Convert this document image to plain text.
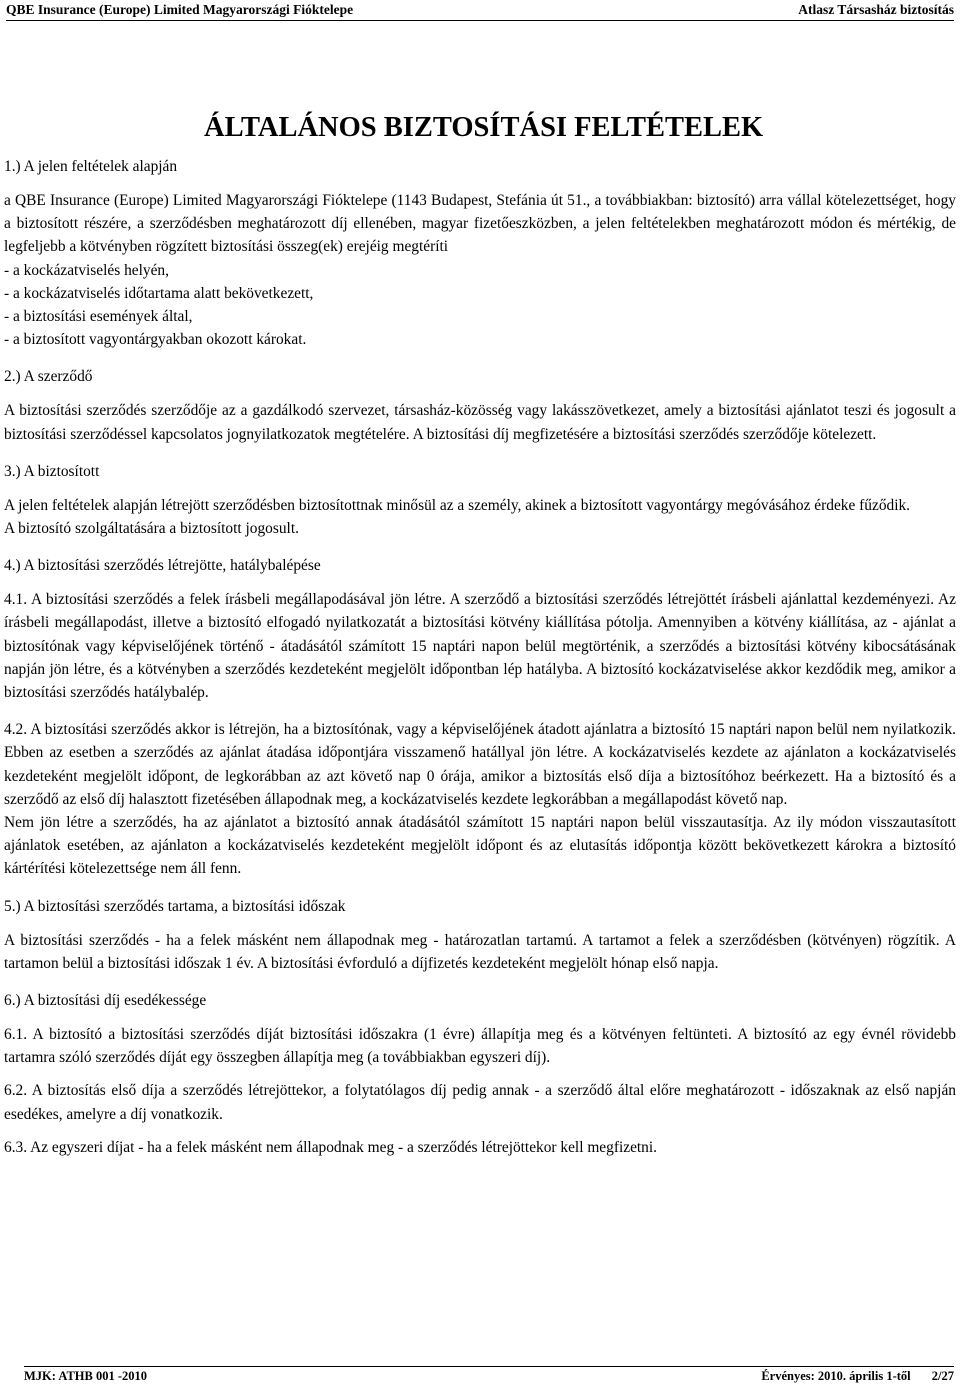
QBE Insurance (Europe) Limited Magyarországi Fióktelepe	Atlasz Társasház biztosítás
ÁLTALÁNOS BIZTOSÍTÁSI FELTÉTELEK
1.) A jelen feltételek alapján

a QBE Insurance (Europe) Limited Magyarországi Fióktelepe (1143 Budapest, Stefánia út 51., a továbbiakban: biztosító) arra vállal kötelezettséget, hogy a biztosított részére, a szerződésben meghatározott díj ellenében, magyar fizetőeszközben, a jelen feltételekben meghatározott módon és mértékig, de legfeljebb a kötvényben rögzített biztosítási összeg(ek) erejéig megtéríti

- a kockázatviselés helyén,
- a kockázatviselés időtartama alatt bekövetkezett,
- a biztosítási események által,
- a biztosított vagyontárgyakban okozott károkat.
2.) A szerződő

A biztosítási szerződés szerződője az a gazdálkodó szervezet, társasház-közösség vagy lakásszövetkezet, amely a biztosítási ajánlatot teszi és jogosult a biztosítási szerződéssel kapcsolatos jognyilatkozatok megtételére. A biztosítási díj megfizetésére a biztosítási szerződés szerződője kötelezett.

3.) A biztosított

A jelen feltételek alapján létrejött szerződésben biztosítottnak minősül az a személy, akinek a biztosított vagyontárgy megóvásához érdeke fűződik.

A biztosító szolgáltatására a biztosított jogosult.

4.) A biztosítási szerződés létrejötte, hatálybalépése

4.1. A biztosítási szerződés a felek írásbeli megállapodásával jön létre. A szerződő a biztosítási szerződés létrejöttét írásbeli ajánlattal kezdeményezi. Az írásbeli megállapodást, illetve a biztosító elfogadó nyilatkozatát a biztosítási kötvény kiállítása pótolja. Amennyiben a kötvény kiállítása, az - ajánlat a biztosítónak vagy képviselőjének történő - átadásától számított 15 naptári napon belül megtörténik, a szerződés a biztosítási kötvény kibocsátásának napján jön létre, és a kötvényben a szerződés kezdeteként megjelölt időpontban lép hatályba. A biztosító kockázatviselése akkor kezdődik meg, amikor a biztosítási szerződés hatálybalép.

4.2. A biztosítási szerződés akkor is létrejön, ha a biztosítónak, vagy a képviselőjének átadott ajánlatra a biztosító 15 naptári napon belül nem nyilatkozik. Ebben az esetben a szerződés az ajánlat átadása időpontjára visszamenő hatállyal jön létre. A kockázatviselés kezdete az ajánlaton a kockázatviselés kezdeteként megjelölt időpont, de legkorábban az azt követő nap 0 órája, amikor a biztosítás első díja a biztosítóhoz beérkezett. Ha a biztosító és a szerződő az első díj halasztott fizetésében állapodnak meg, a kockázatviselés kezdete legkorábban a megállapodást követő nap.

Nem jön létre a szerződés, ha az ajánlatot a biztosító annak átadásától számított 15 naptári napon belül visszautasítja. Az ily módon visszautasított ajánlatok esetében, az ajánlaton a kockázatviselés kezdeteként megjelölt időpont és az elutasítás időpontja között bekövetkezett károkra a biztosító kártérítési kötelezettsége nem áll fenn.

5.) A biztosítási szerződés tartama, a biztosítási időszak

A biztosítási szerződés - ha a felek másként nem állapodnak meg - határozatlan tartamú. A tartamot a felek a szerződésben (kötvényen) rögzítik. A tartamon belül a biztosítási időszak 1 év. A biztosítási évforduló a díjfizetés kezdeteként megjelölt hónap első napja.

6.) A biztosítási díj esedékessége

6.1. A biztosító a biztosítási szerződés díját biztosítási időszakra (1 évre) állapítja meg és a kötvényen feltünteti. A biztosító az egy évnél rövidebb tartamra szóló szerződés díját egy összegben állapítja meg (a továbbiakban egyszeri díj).

6.2. A biztosítás első díja a szerződés létrejöttekor, a folytatólagos díj pedig annak - a szerződő által előre meghatározott - időszaknak az első napján esedékes, amelyre a díj vonatkozik.

6.3. Az egyszeri díjat - ha a felek másként nem állapodnak meg - a szerződés létrejöttekor kell megfizetni.

MJK: ATHB 001 -2010	Érvényes: 2010. április 1-től 2/27
